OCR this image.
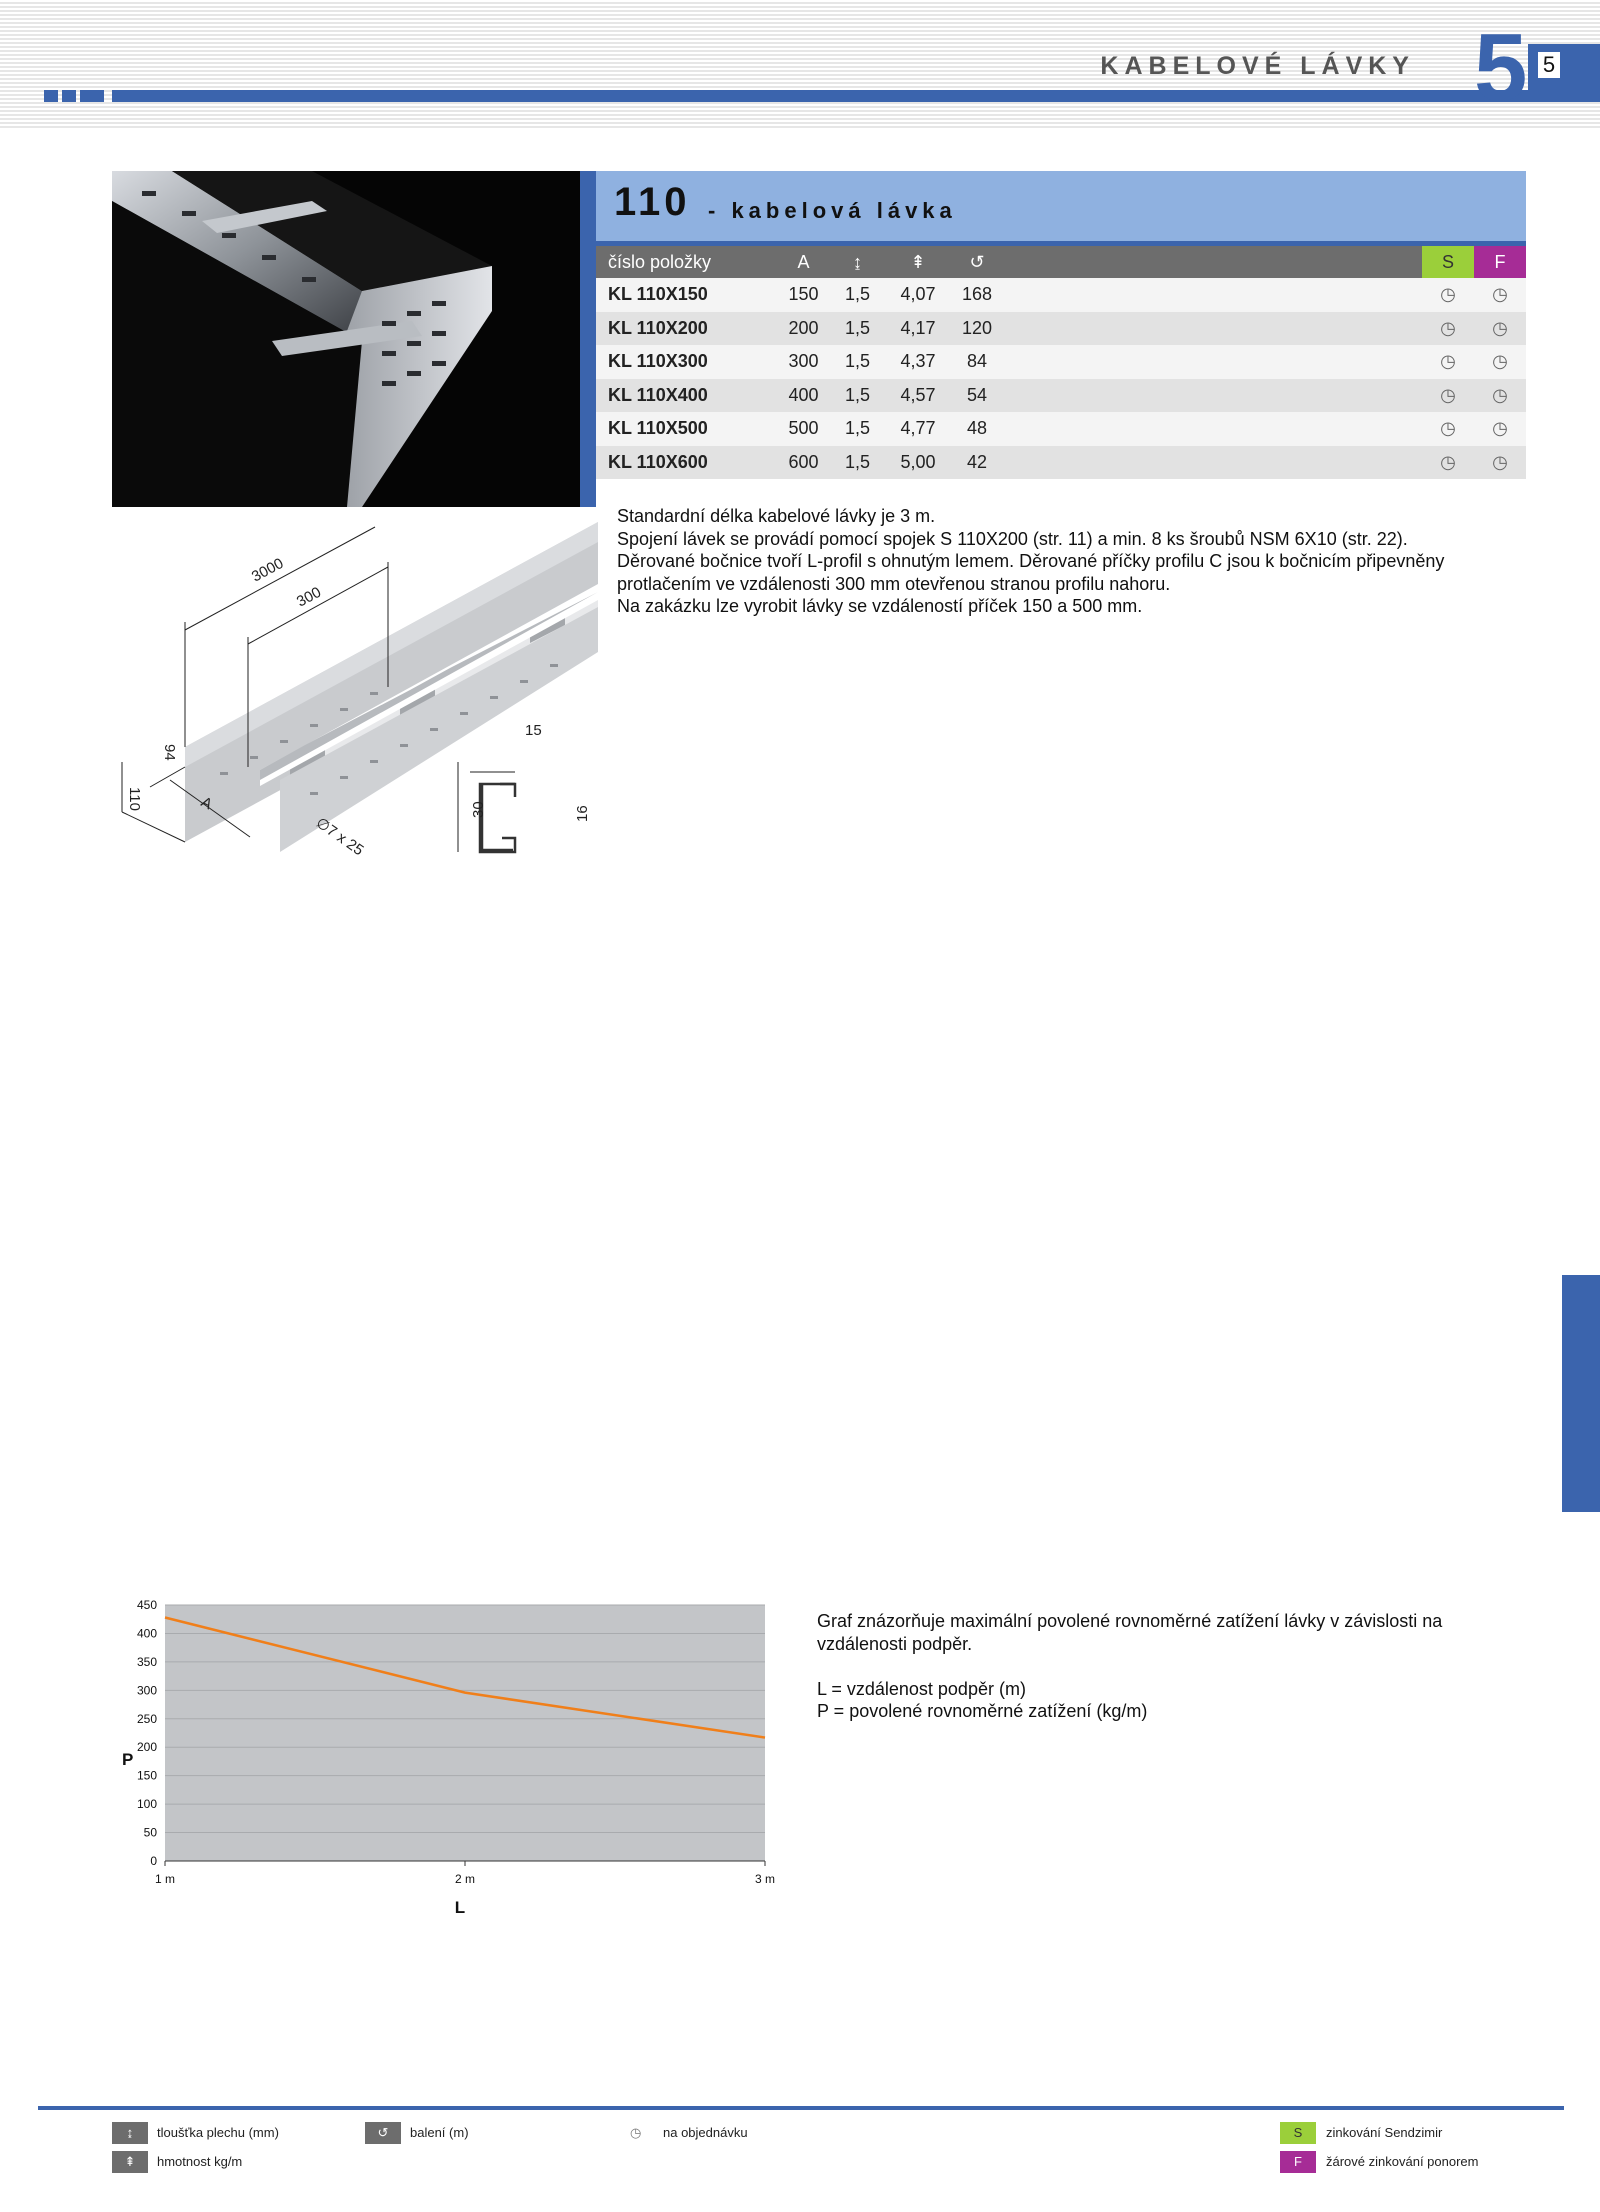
KABELOVÉ LÁVKY 5 5
110 - kabelová lávka
číslo položky	A	↨	⇞	↺		S	F
KL 110X150	150	1,5	4,07	168		◷	◷
KL 110X200	200	1,5	4,17	120		◷	◷
KL 110X300	300	1,5	4,37	84		◷	◷
KL 110X400	400	1,5	4,57	54		◷	◷
KL 110X500	500	1,5	4,77	48		◷	◷
KL 110X600	600	1,5	5,00	42		◷	◷

Standardní délka kabelové lávky je 3 m.

Spojení lávek se provádí pomocí spojek S 110X200 (str. 11) a min. 8 ks šroubů NSM 6X10 (str. 22).

Děrované bočnice tvoří L-profil s ohnutým lemem. Děrované příčky profilu C jsou k bočnicím připevněny

protlačením ve vzdálenosti 300 mm otevřenou stranou profilu nahoru.

Na zakázku lze vyrobit lávky se vzdáleností příček 150 a 500 mm.

3000
300
110
94
A
∅7 x 25
15
30	16
0
50
100
150
200
250
300
350
400
450
1 m	2 m	3 m
P
L

Graf znázorňuje maximální povolené rovnoměrné zatížení lávky v závislosti na

vzdálenosti podpěr.

L = vzdálenost podpěr (m)

P = povolené rovnoměrné zatížení (kg/m)

↨	tloušťka plechu (mm)
⇞	hmotnost kg/m
↺	balení (m)	◷ na objednávku	S	zinkování Sendzimir
F	žárové zinkování ponorem
